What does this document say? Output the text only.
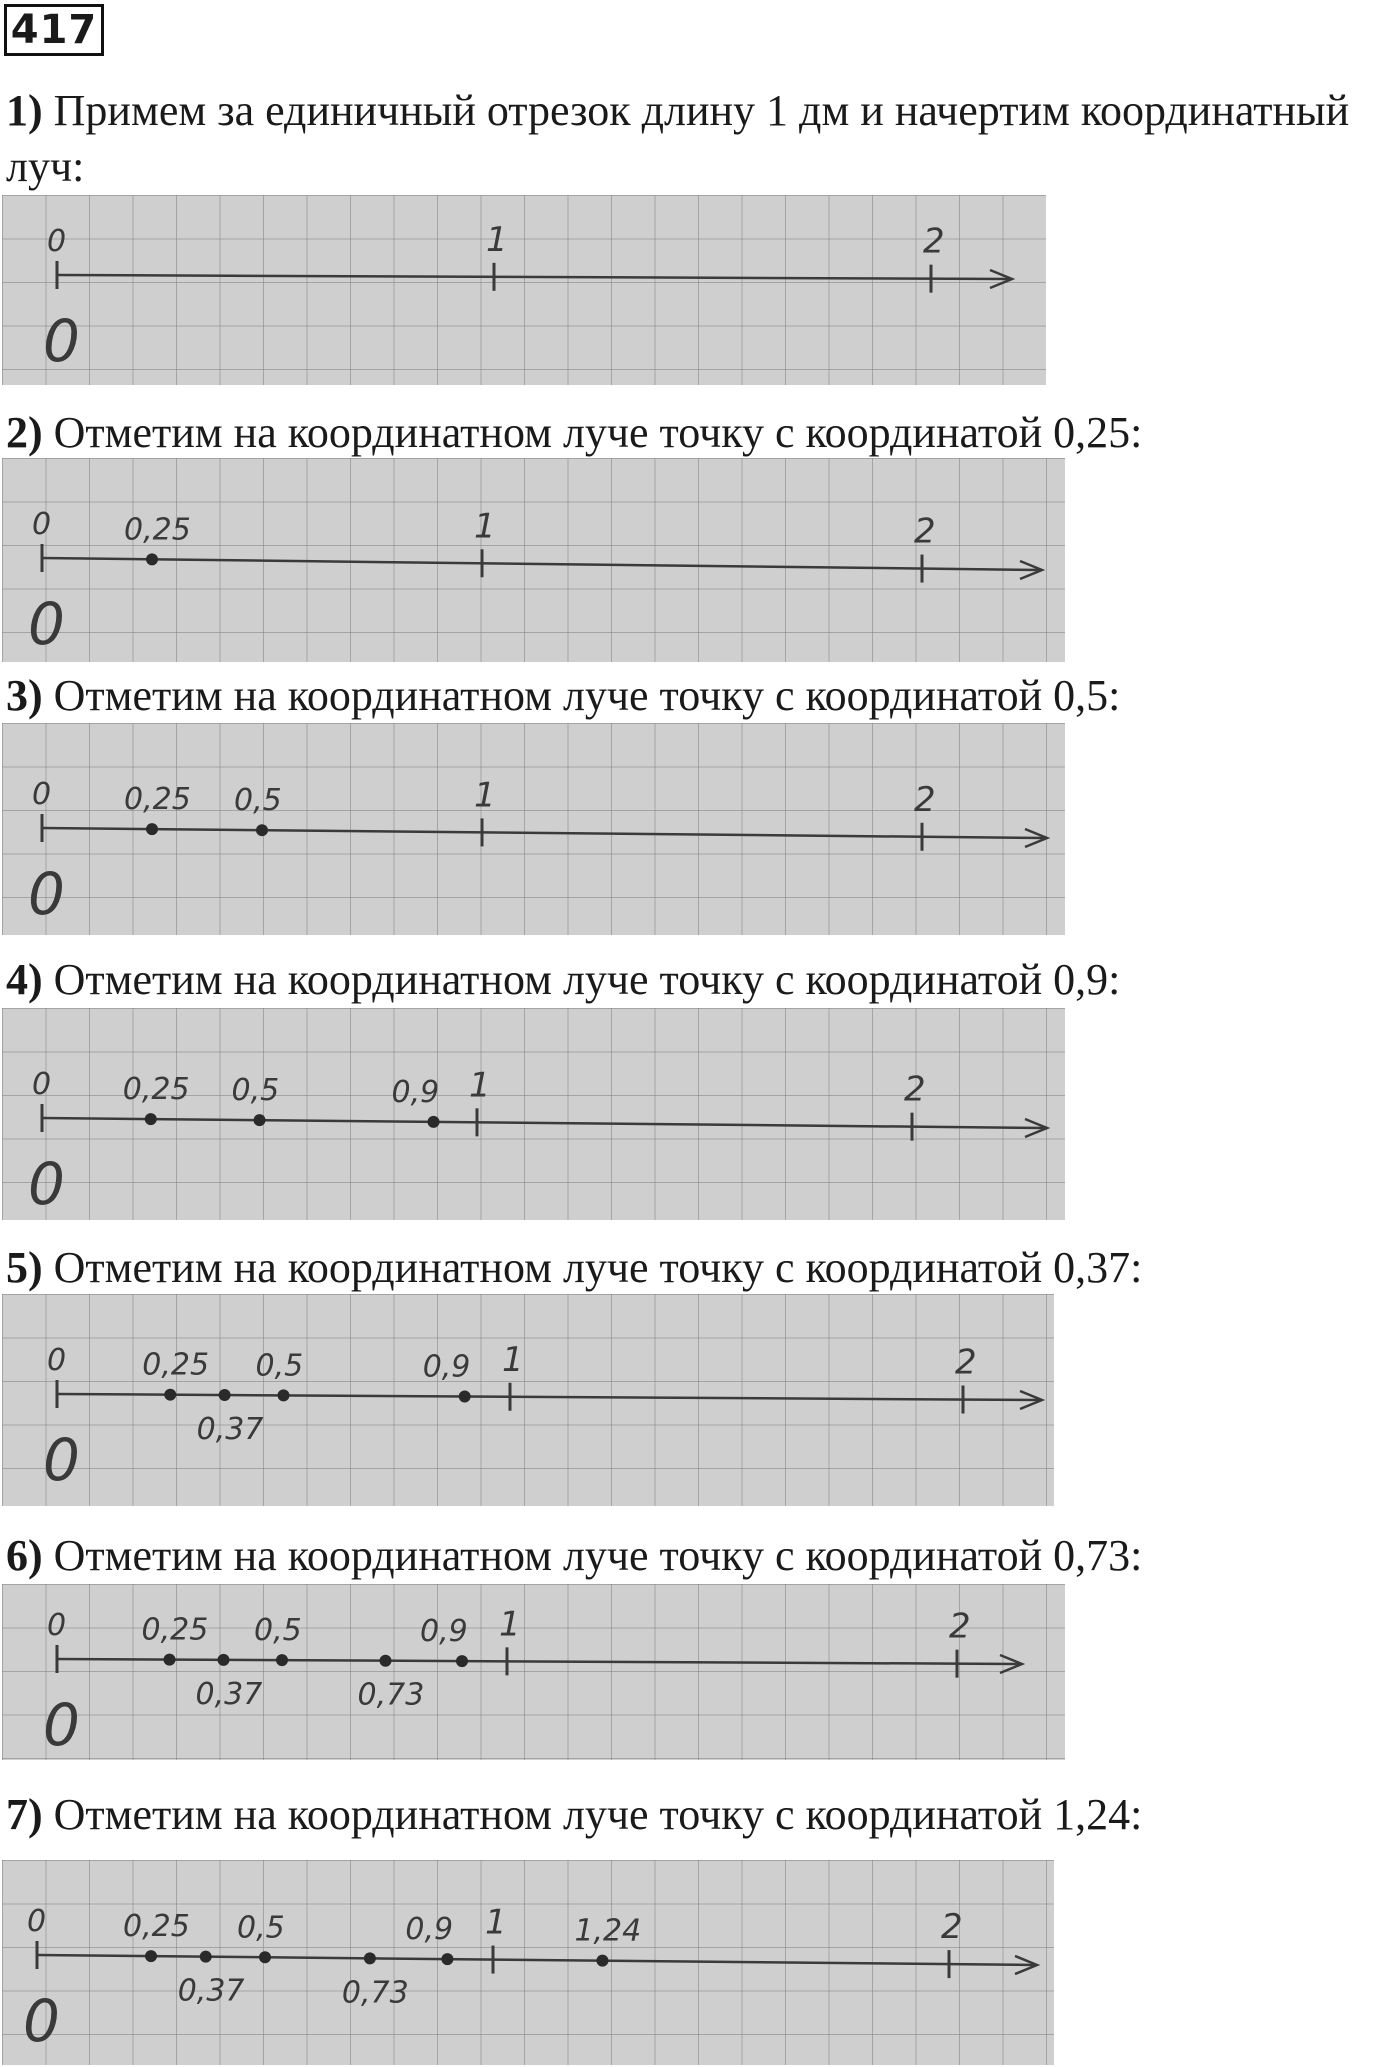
417
1) Примем за единичный отрезок длину 1 дм и начертим координатный
луч:
0
0
1	2
2) Отметим на координатном луче точку с координатой 0,25:
0
0
1	2
0,25
3) Отметим на координатном луче точку с координатой 0,5:
0
0
1	2
0,25 0,5
4) Отметим на координатном луче точку с координатой 0,9:
0
0
1	2
0,25 0,5	0,9
5) Отметим на координатном луче точку с координатой 0,37:
0
0
1	2
0,25
0,37
0,5	0,9
6) Отметим на координатном луче точку с координатой 0,73:
0
0
1	2
0,25
0,37
0,5
0,73
0,9
7) Отметим на координатном луче точку с координатой 1,24:
0
0
1	2
0,25
0,37
0,5
0,73
0,9	1,24
